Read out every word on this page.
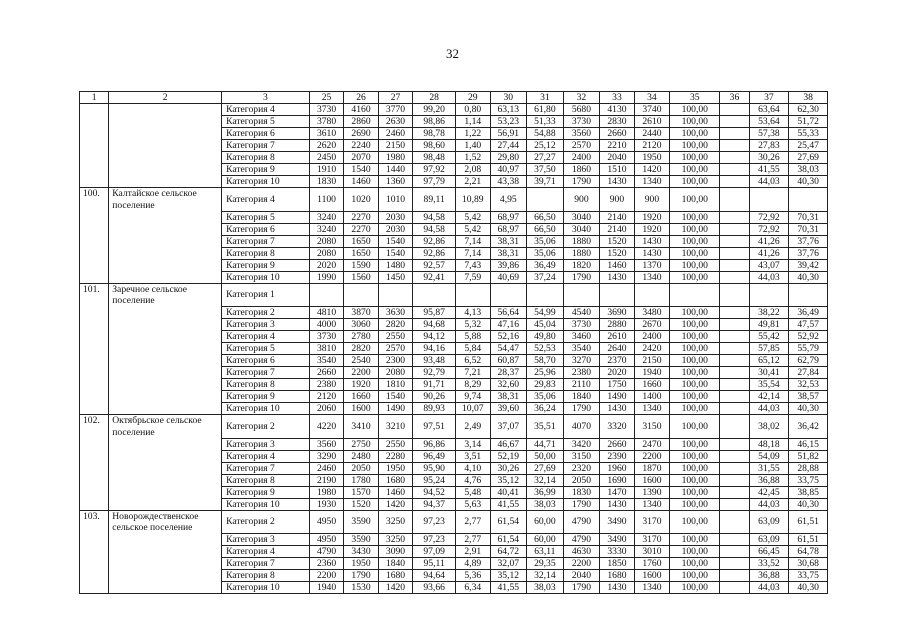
32
1	2	3	25	26	27	28	29	30	31	32	33	34	35	36	37	38
		Категория 4	3730	4160	3770	99,20	0,80	63,13	61,80	5680	4130	3740	100,00		63,64	62,30
		Категория 5	3780	2860	2630	98,86	1,14	53,23	51,33	3730	2830	2610	100,00		53,64	51,72
		Категория 6	3610	2690	2460	98,78	1,22	56,91	54,88	3560	2660	2440	100,00		57,38	55,33
		Категория 7	2620	2240	2150	98,60	1,40	27,44	25,12	2570	2210	2120	100,00		27,83	25,47
		Категория 8	2450	2070	1980	98,48	1,52	29,80	27,27	2400	2040	1950	100,00		30,26	27,69
		Категория 9	1910	1540	1440	97,92	2,08	40,97	37,50	1860	1510	1420	100,00		41,55	38,03
		Категория 10	1830	1460	1360	97,79	2,21	43,38	39,71	1790	1430	1340	100,00		44,03	40,30
100.	Калтайское сельское поселение	Категория 4	1100	1020	1010	89,11	10,89	4,95		900	900	900	100,00			
		Категория 5	3240	2270	2030	94,58	5,42	68,97	66,50	3040	2140	1920	100,00		72,92	70,31
		Категория 6	3240	2270	2030	94,58	5,42	68,97	66,50	3040	2140	1920	100,00		72,92	70,31
		Категория 7	2080	1650	1540	92,86	7,14	38,31	35,06	1880	1520	1430	100,00		41,26	37,76
		Категория 8	2080	1650	1540	92,86	7,14	38,31	35,06	1880	1520	1430	100,00		41,26	37,76
		Категория 9	2020	1590	1480	92,57	7,43	39,86	36,49	1820	1460	1370	100,00		43,07	39,42
		Категория 10	1990	1560	1450	92,41	7,59	40,69	37,24	1790	1430	1340	100,00		44,03	40,30
101.	Заречное сельское поселение	Категория 1														
		Категория 2	4810	3870	3630	95,87	4,13	56,64	54,99	4540	3690	3480	100,00		38,22	36,49
		Категория 3	4000	3060	2820	94,68	5,32	47,16	45,04	3730	2880	2670	100,00		49,81	47,57
		Категория 4	3730	2780	2550	94,12	5,88	52,16	49,80	3460	2610	2400	100,00		55,42	52,92
		Категория 5	3810	2820	2570	94,16	5,84	54,47	52,53	3540	2640	2420	100,00		57,85	55,79
		Категория 6	3540	2540	2300	93,48	6,52	60,87	58,70	3270	2370	2150	100,00		65,12	62,79
		Категория 7	2660	2200	2080	92,79	7,21	28,37	25,96	2380	2020	1940	100,00		30,41	27,84
		Категория 8	2380	1920	1810	91,71	8,29	32,60	29,83	2110	1750	1660	100,00		35,54	32,53
		Категория 9	2120	1660	1540	90,26	9,74	38,31	35,06	1840	1490	1400	100,00		42,14	38,57
		Категория 10	2060	1600	1490	89,93	10,07	39,60	36,24	1790	1430	1340	100,00		44,03	40,30
102.	Октябрьское сельское поселение	Категория 2	4220	3410	3210	97,51	2,49	37,07	35,51	4070	3320	3150	100,00		38,02	36,42
		Категория 3	3560	2750	2550	96,86	3,14	46,67	44,71	3420	2660	2470	100,00		48,18	46,15
		Категория 4	3290	2480	2280	96,49	3,51	52,19	50,00	3150	2390	2200	100,00		54,09	51,82
		Категория 7	2460	2050	1950	95,90	4,10	30,26	27,69	2320	1960	1870	100,00		31,55	28,88
		Категория 8	2190	1780	1680	95,24	4,76	35,12	32,14	2050	1690	1600	100,00		36,88	33,75
		Категория 9	1980	1570	1460	94,52	5,48	40,41	36,99	1830	1470	1390	100,00		42,45	38,85
		Категория 10	1930	1520	1420	94,37	5,63	41,55	38,03	1790	1430	1340	100,00		44,03	40,30
103.	Новорождественское сельское поселение	Категория 2	4950	3590	3250	97,23	2,77	61,54	60,00	4790	3490	3170	100,00		63,09	61,51
		Категория 3	4950	3590	3250	97,23	2,77	61,54	60,00	4790	3490	3170	100,00		63,09	61,51
		Категория 4	4790	3430	3090	97,09	2,91	64,72	63,11	4630	3330	3010	100,00		66,45	64,78
		Категория 7	2360	1950	1840	95,11	4,89	32,07	29,35	2200	1850	1760	100,00		33,52	30,68
		Категория 8	2200	1790	1680	94,64	5,36	35,12	32,14	2040	1680	1600	100,00		36,88	33,75
		Категория 10	1940	1530	1420	93,66	6,34	41,55	38,03	1790	1430	1340	100,00		44,03	40,30
